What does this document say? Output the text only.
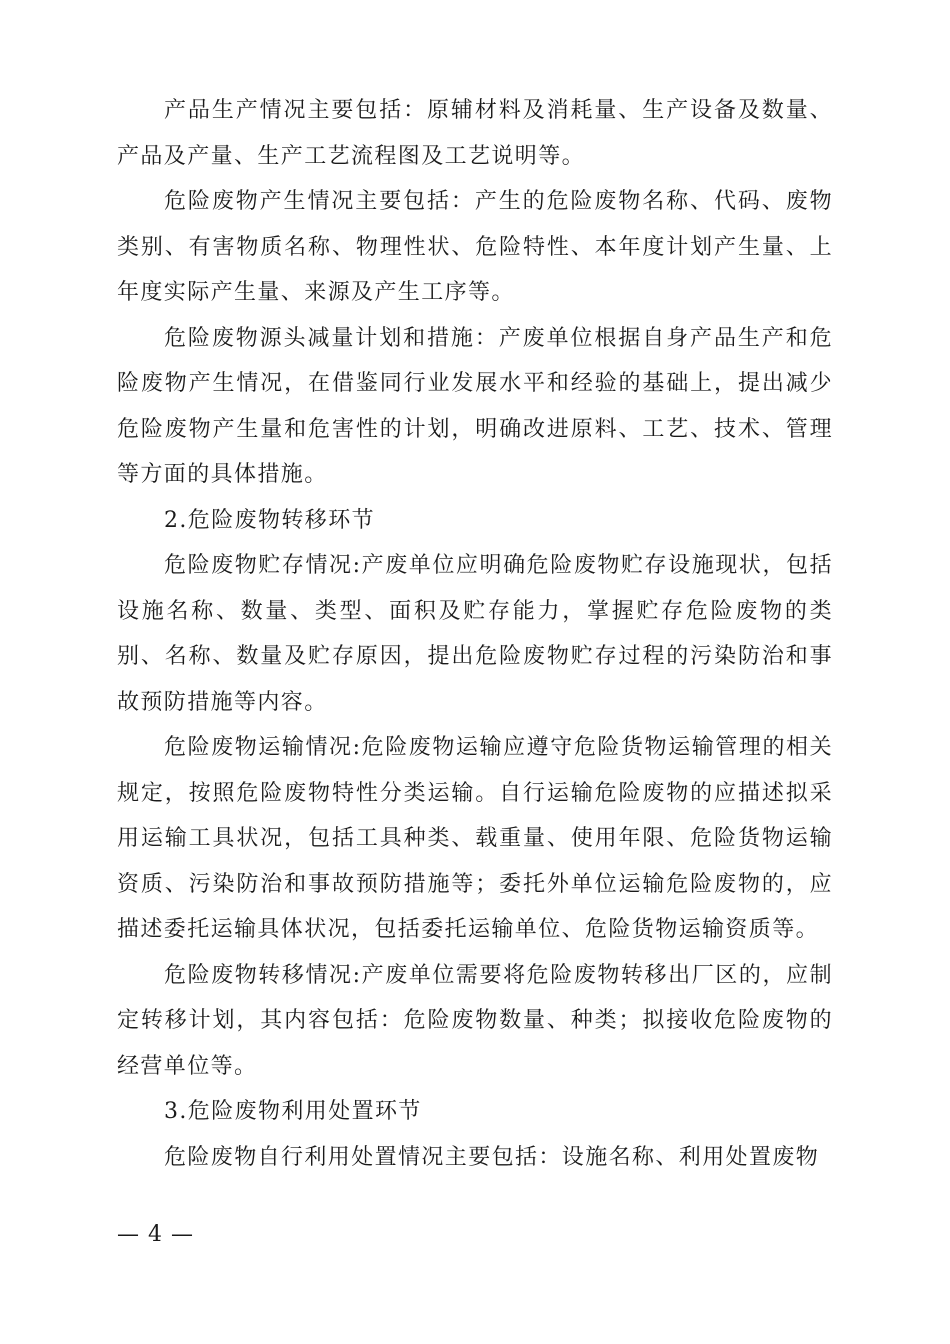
产品生产情况主要包括：原辅材料及消耗量、生产设备及数量、产品及产量、生产工艺流程图及工艺说明等。

危险废物产生情况主要包括：产生的危险废物名称、代码、废物类别、有害物质名称、物理性状、危险特性、本年度计划产生量、上年度实际产生量、来源及产生工序等。

危险废物源头减量计划和措施：产废单位根据自身产品生产和危险废物产生情况，在借鉴同行业发展水平和经验的基础上，提出减少危险废物产生量和危害性的计划，明确改进原料、工艺、技术、管理等方面的具体措施。

2.危险废物转移环节

危险废物贮存情况:产废单位应明确危险废物贮存设施现状，包括设施名称、数量、类型、面积及贮存能力，掌握贮存危险废物的类别、名称、数量及贮存原因，提出危险废物贮存过程的污染防治和事故预防措施等内容。

危险废物运输情况:危险废物运输应遵守危险货物运输管理的相关规定，按照危险废物特性分类运输。自行运输危险废物的应描述拟采用运输工具状况，包括工具种类、载重量、使用年限、危险货物运输资质、污染防治和事故预防措施等；委托外单位运输危险废物的，应描述委托运输具体状况，包括委托运输单位、危险货物运输资质等。

危险废物转移情况:产废单位需要将危险废物转移出厂区的，应制定转移计划，其内容包括：危险废物数量、种类；拟接收危险废物的经营单位等。

3.危险废物利用处置环节

危险废物自行利用处置情况主要包括：设施名称、利用处置废物

— 4 —
